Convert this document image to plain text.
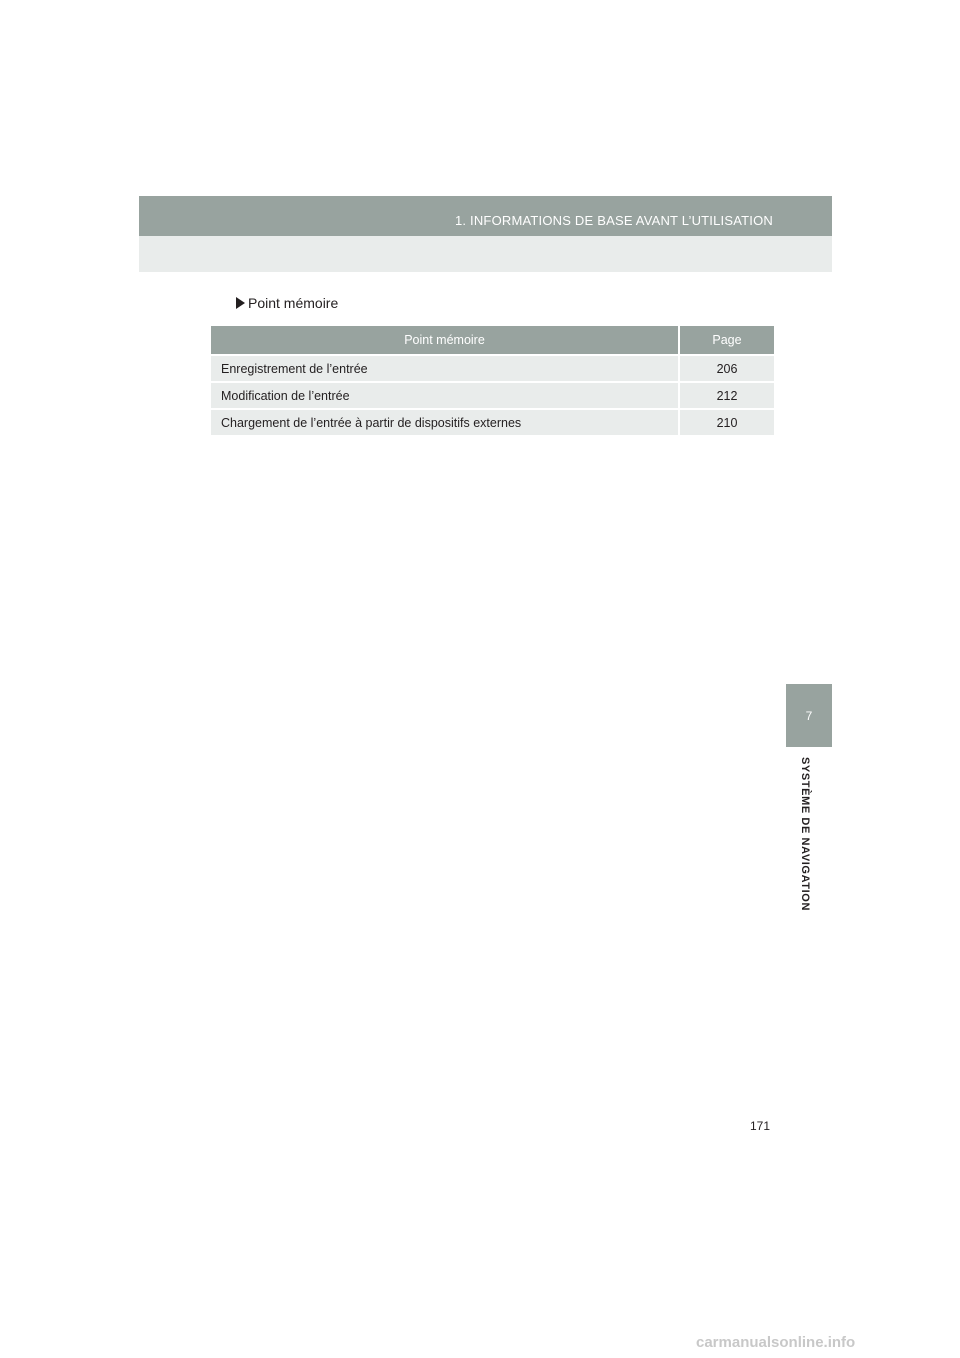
1. INFORMATIONS DE BASE AVANT L’UTILISATION
Point mémoire
Point mémoire	Page
Enregistrement de l’entrée	206
Modification de l’entrée	212
Chargement de l’entrée à partir de dispositifs externes	210
7
SYSTÈME DE NAVIGATION
171
carmanualsonline.info
